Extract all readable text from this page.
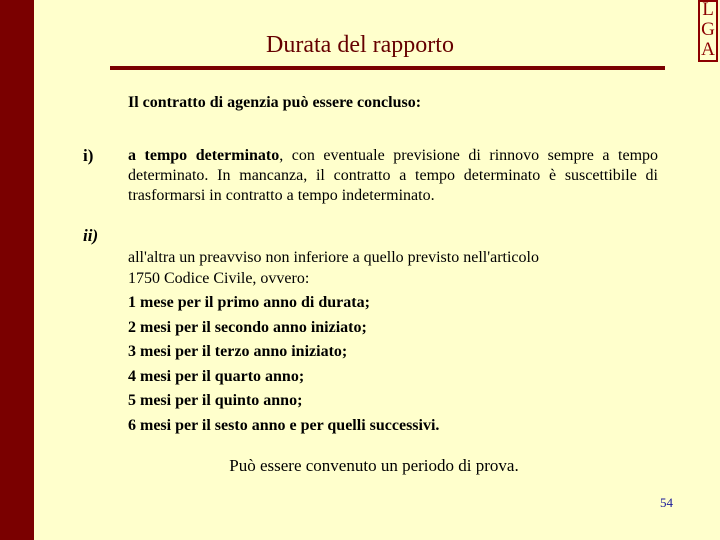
L
G
A
Durata del rapporto
Il contratto di agenzia può essere concluso:
i) a tempo determinato, con eventuale previsione di rinnovo sempre a tempo determinato. In mancanza, il contratto a tempo determinato è suscettibile di trasformarsi in contratto a tempo indeterminato.
ii)
all'altra un preavviso non inferiore a quello previsto nell'articolo
1750 Codice Civile, ovvero:
1 mese per il primo anno di durata;
2 mesi per il secondo anno iniziato;
3 mesi per il terzo anno iniziato;
4 mesi per il quarto anno;
5 mesi per il quinto anno;
6 mesi per il sesto anno e per quelli successivi.
Può essere convenuto un periodo di prova.
54
